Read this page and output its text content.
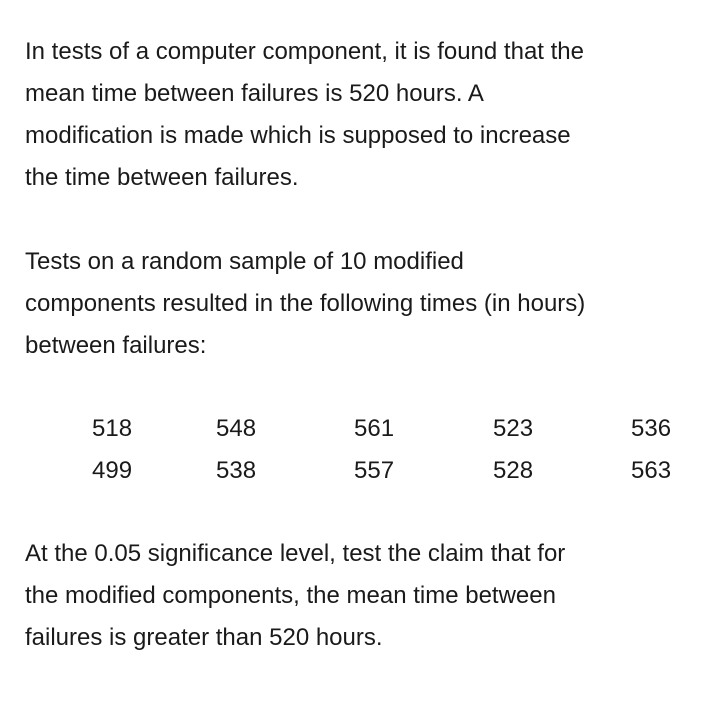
In tests of a computer component, it is found that the
mean time between failures is 520 hours. A
modification is made which is supposed to increase
the time between failures.

Tests on a random sample of 10 modified
components resulted in the following times (in hours)
between failures:

518	548	561	523	536
499	538	557	528	563

At the 0.05 significance level, test the claim that for
the modified components, the mean time between
failures is greater than 520 hours.
